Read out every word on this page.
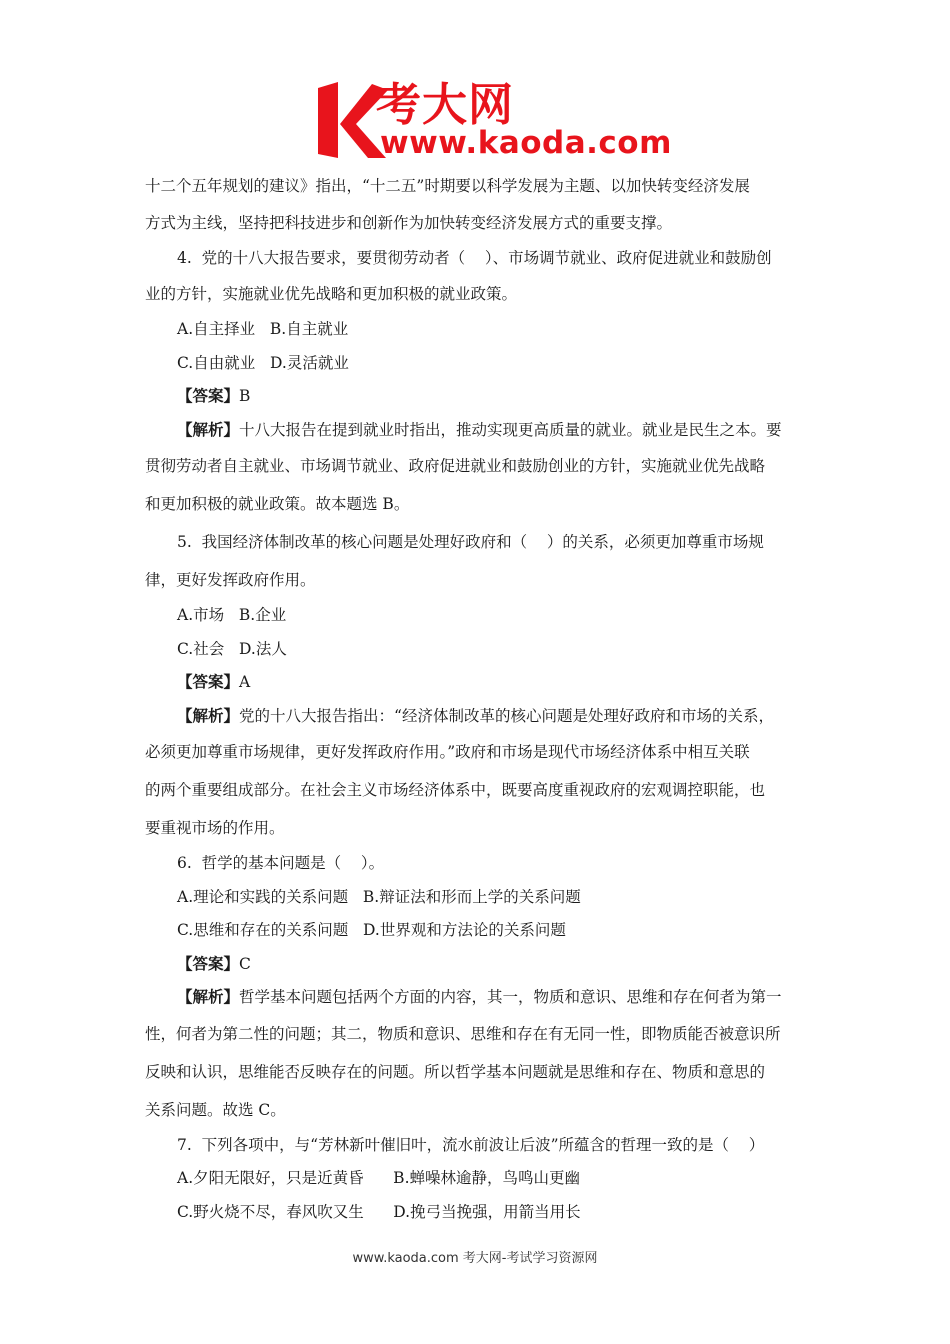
考大网
www.kaoda.com
十二个五年规划的建议》指出，“十二五”时期要以科学发展为主题、以加快转变经济发展
方式为主线，坚持把科技进步和创新作为加快转变经济发展方式的重要支撑。
4.  党的十八大报告要求，要贯彻劳动者（    ）、市场调节就业、政府促进就业和鼓励创
业的方针，实施就业优先战略和更加积极的就业政策。
A.自主择业   B.自主就业
C.自由就业   D.灵活就业
【答案】B
【解析】十八大报告在提到就业时指出，推动实现更高质量的就业。就业是民生之本。要
贯彻劳动者自主就业、市场调节就业、政府促进就业和鼓励创业的方针，实施就业优先战略
和更加积极的就业政策。故本题选 B。
5.  我国经济体制改革的核心问题是处理好政府和（    ）的关系，必须更加尊重市场规
律，更好发挥政府作用。
A.市场   B.企业
C.社会   D.法人
【答案】A
【解析】党的十八大报告指出：“经济体制改革的核心问题是处理好政府和市场的关系，
必须更加尊重市场规律，更好发挥政府作用。”政府和市场是现代市场经济体系中相互关联
的两个重要组成部分。在社会主义市场经济体系中，既要高度重视政府的宏观调控职能，也
要重视市场的作用。
6.  哲学的基本问题是（    ）。
A.理论和实践的关系问题   B.辩证法和形而上学的关系问题
C.思维和存在的关系问题   D.世界观和方法论的关系问题
【答案】C
【解析】哲学基本问题包括两个方面的内容，其一，物质和意识、思维和存在何者为第一
性，何者为第二性的问题；其二，物质和意识、思维和存在有无同一性，即物质能否被意识所
反映和认识，思维能否反映存在的问题。所以哲学基本问题就是思维和存在、物质和意思的
关系问题。故选 C。
7.  下列各项中，与“芳林新叶催旧叶，流水前波让后波”所蕴含的哲理一致的是（    ）
A.夕阳无限好，只是近黄昏      B.蝉噪林逾静，鸟鸣山更幽
C.野火烧不尽，春风吹又生      D.挽弓当挽强，用箭当用长
www.kaoda.com 考大网-考试学习资源网
